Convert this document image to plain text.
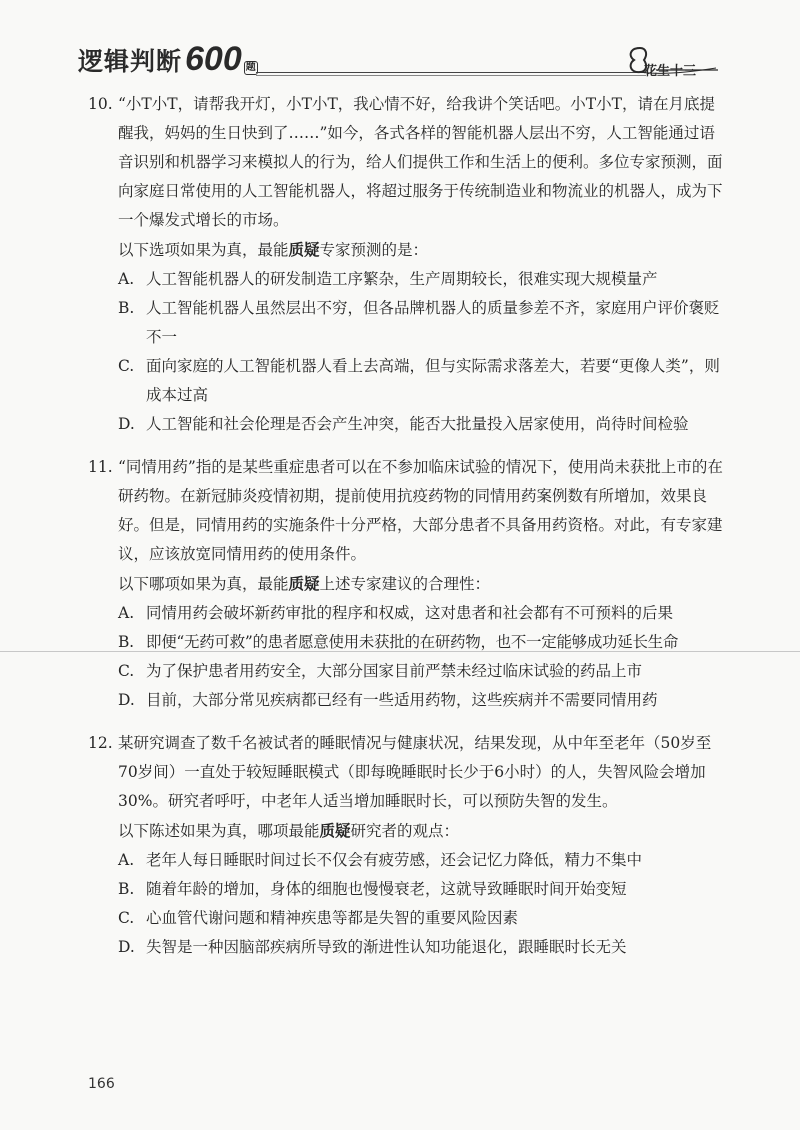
逻辑判断 600 题	花生十三
10. “小T小T，请帮我开灯，小T小T，我心情不好，给我讲个笑话吧。小T小T，请在月底提醒我，妈妈的生日快到了……”如今，各式各样的智能机器人层出不穷，人工智能通过语音识别和机器学习来模拟人的行为，给人们提供工作和生活上的便利。多位专家预测，面向家庭日常使用的人工智能机器人，将超过服务于传统制造业和物流业的机器人，成为下一个爆发式增长的市场。
以下选项如果为真，最能质疑专家预测的是：
A. 人工智能机器人的研发制造工序繁杂，生产周期较长，很难实现大规模量产
B. 人工智能机器人虽然层出不穷，但各品牌机器人的质量参差不齐，家庭用户评价褒贬不一
C. 面向家庭的人工智能机器人看上去高端，但与实际需求落差大，若要“更像人类”，则成本过高
D. 人工智能和社会伦理是否会产生冲突，能否大批量投入居家使用，尚待时间检验
11. “同情用药”指的是某些重症患者可以在不参加临床试验的情况下，使用尚未获批上市的在研药物。在新冠肺炎疫情初期，提前使用抗疫药物的同情用药案例数有所增加，效果良好。但是，同情用药的实施条件十分严格，大部分患者不具备用药资格。对此，有专家建议，应该放宽同情用药的使用条件。
以下哪项如果为真，最能质疑上述专家建议的合理性：
A. 同情用药会破坏新药审批的程序和权威，这对患者和社会都有不可预料的后果
B. 即便“无药可救”的患者愿意使用未获批的在研药物，也不一定能够成功延长生命
C. 为了保护患者用药安全，大部分国家目前严禁未经过临床试验的药品上市
D. 目前，大部分常见疾病都已经有一些适用药物，这些疾病并不需要同情用药
12. 某研究调查了数千名被试者的睡眠情况与健康状况，结果发现，从中年至老年（50岁至70岁间）一直处于较短睡眠模式（即每晚睡眠时长少于6小时）的人，失智风险会增加30%。研究者呼吁，中老年人适当增加睡眠时长，可以预防失智的发生。
以下陈述如果为真，哪项最能质疑研究者的观点：
A. 老年人每日睡眠时间过长不仅会有疲劳感，还会记忆力降低，精力不集中
B. 随着年龄的增加，身体的细胞也慢慢衰老，这就导致睡眠时间开始变短
C. 心血管代谢问题和精神疾患等都是失智的重要风险因素
D. 失智是一种因脑部疾病所导致的渐进性认知功能退化，跟睡眠时长无关
166
